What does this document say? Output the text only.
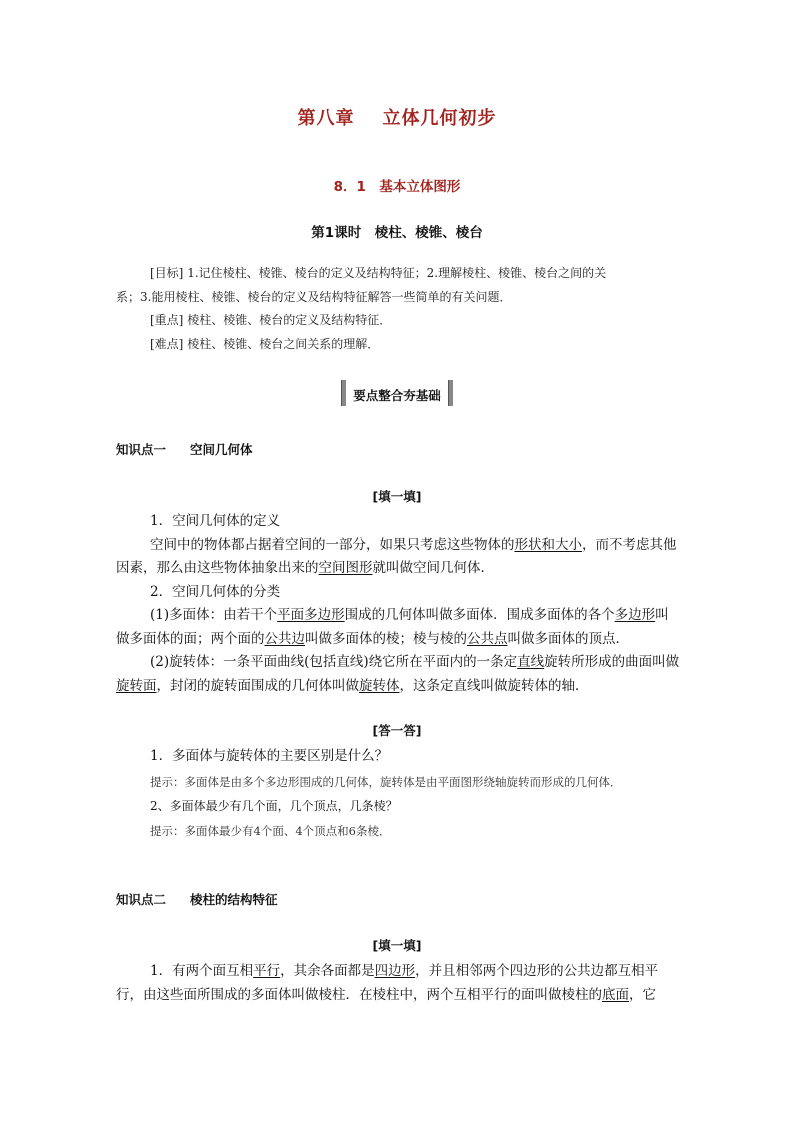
第八章 立体几何初步
8．1　基本立体图形
第1课时　棱柱、棱锥、棱台

[目标] 1.记住棱柱、棱锥、棱台的定义及结构特征；2.理解棱柱、棱锥、棱台之间的关

系；3.能用棱柱、棱锥、棱台的定义及结构特征解答一些简单的有关问题．

[重点] 棱柱、棱锥、棱台的定义及结构特征．

[难点] 棱柱、棱锥、棱台之间关系的理解．

要点整合夯基础
知识点一 空间几何体
[填一填]

1．空间几何体的定义

空间中的物体都占据着空间的一部分，如果只考虑这些物体的形状和大小，而不考虑其他因素，那么由这些物体抽象出来的空间图形就叫做空间几何体．

2．空间几何体的分类

(1)多面体：由若干个平面多边形围成的几何体叫做多面体．围成多面体的各个多边形叫做多面体的面；两个面的公共边叫做多面体的棱；棱与棱的公共点叫做多面体的顶点．

(2)旋转体：一条平面曲线(包括直线)绕它所在平面内的一条定直线旋转所形成的曲面叫做旋转面，封闭的旋转面围成的几何体叫做旋转体，这条定直线叫做旋转体的轴．

[答一答]

1．多面体与旋转体的主要区别是什么？

提示：多面体是由多个多边形围成的几何体，旋转体是由平面图形绕轴旋转而形成的几何体．

2、多面体最少有几个面，几个顶点，几条棱？

提示：多面体最少有4个面、4个顶点和6条棱．

知识点二 棱柱的结构特征
[填一填]

1．有两个面互相平行，其余各面都是四边形，并且相邻两个四边形的公共边都互相平行，由这些面所围成的多面体叫做棱柱．在棱柱中，两个互相平行的面叫做棱柱的底面，它
